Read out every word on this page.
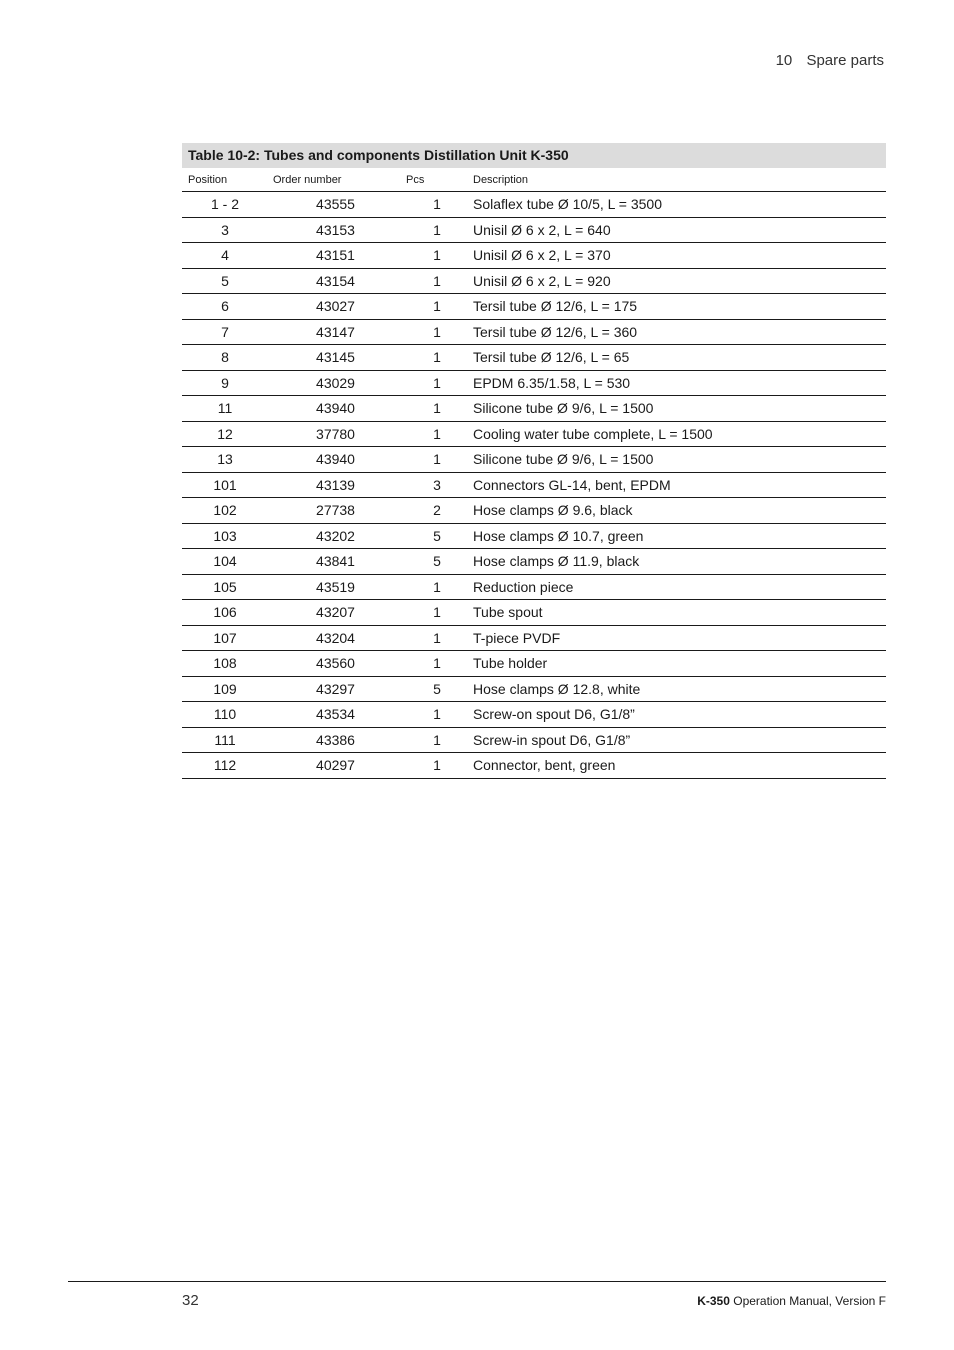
10 Spare parts
Table 10-2: Tubes and components Distillation Unit K-350
Position	Order number	Pcs	Description
1 - 2	43555	1	Solaflex tube Ø 10/5, L = 3500
3	43153	1	Unisil Ø 6 x 2, L = 640
4	43151	1	Unisil Ø 6 x 2, L = 370
5	43154	1	Unisil Ø 6 x 2, L = 920
6	43027	1	Tersil tube Ø 12/6, L = 175
7	43147	1	Tersil tube Ø 12/6, L = 360
8	43145	1	Tersil tube Ø 12/6, L = 65
9	43029	1	EPDM 6.35/1.58, L = 530
11	43940	1	Silicone tube Ø 9/6, L = 1500
12	37780	1	Cooling water tube complete, L = 1500
13	43940	1	Silicone tube Ø 9/6, L = 1500
101	43139	3	Connectors GL-14, bent, EPDM
102	27738	2	Hose clamps Ø 9.6, black
103	43202	5	Hose clamps Ø 10.7, green
104	43841	5	Hose clamps Ø 11.9, black
105	43519	1	Reduction piece
106	43207	1	Tube spout
107	43204	1	T-piece PVDF
108	43560	1	Tube holder
109	43297	5	Hose clamps Ø 12.8, white
110	43534	1	Screw-on spout D6, G1/8”
111	43386	1	Screw-in spout D6, G1/8”
112	40297	1	Connector, bent, green
32	K-350 Operation Manual, Version F
